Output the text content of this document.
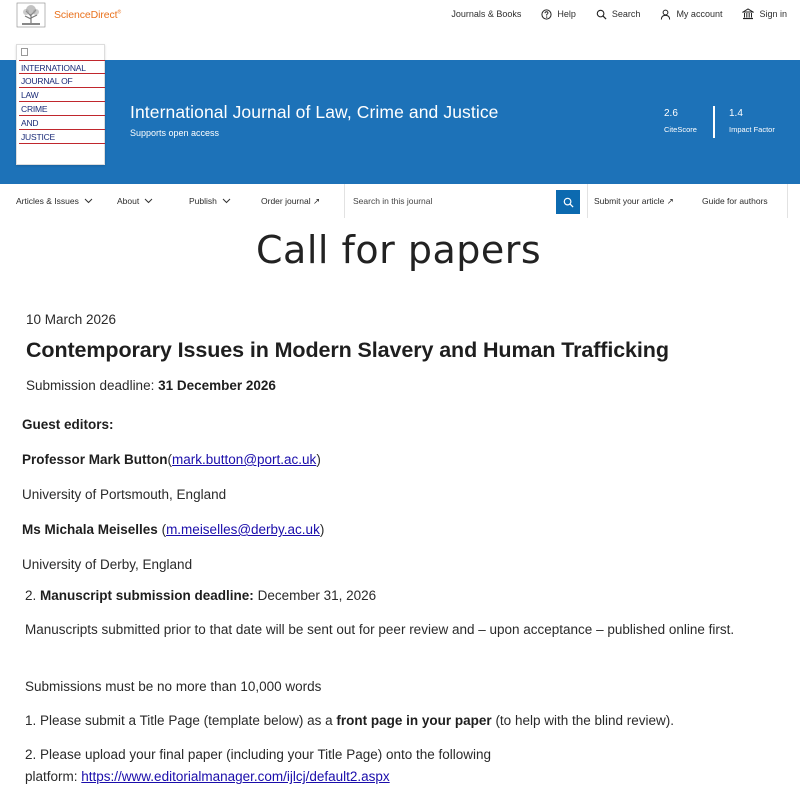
ScienceDirect®	Journals & Books	Help	Search	My account	Sign in
International Journal of Law, Crime and Justice
Supports open access
2.6
CiteScore
1.4
Impact Factor
INTERNATIONAL
JOURNAL OF
LAW
CRIME
AND
JUSTICE
Articles & Issues	About	Publish	Order journal ↗	Submit your article ↗	Guide for authors
Search in this journal
Call for papers
10 March 2026
Contemporary Issues in Modern Slavery and Human Trafficking
Submission deadline: 31 December 2026
Guest editors:
Professor Mark Button(mark.button@port.ac.uk)
University of Portsmouth, England
Ms Michala Meiselles (m.meiselles@derby.ac.uk)
University of Derby, England
2. Manuscript submission deadline: December 31, 2026
Manuscripts submitted prior to that date will be sent out for peer review and – upon acceptance – published online first.
Submissions must be no more than 10,000 words
1. Please submit a Title Page (template below) as a front page in your paper (to help with the blind review).
2. Please upload your final paper (including your Title Page) onto the following
platform: https://www.editorialmanager.com/ijlcj/default2.aspx
